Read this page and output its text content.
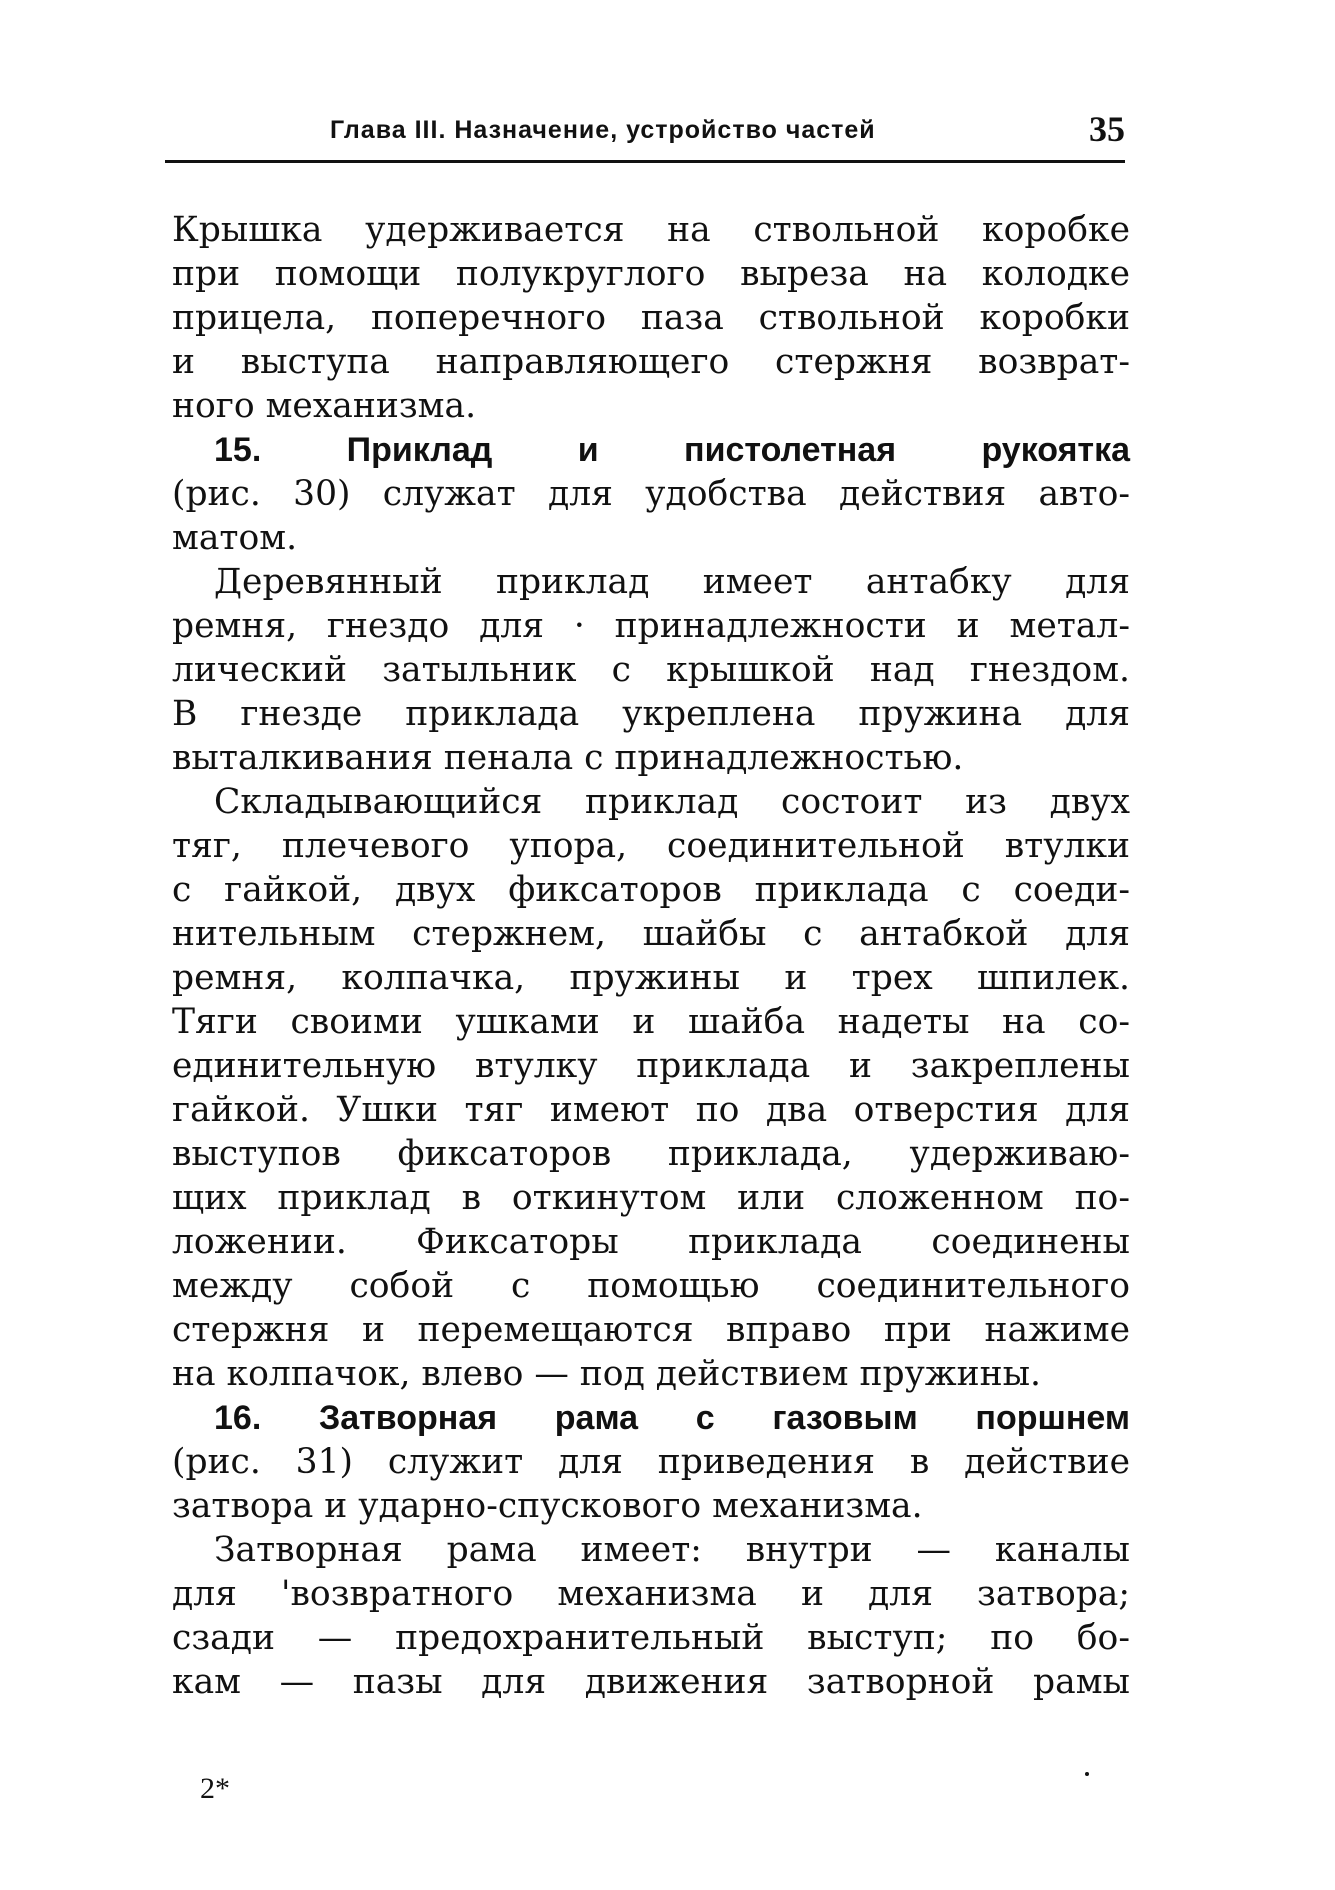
Глава III. Назначение, устройство частей	35
Крышка удерживается на ствольной коробке
при помощи полукруглого выреза на колодке
прицела, поперечного паза ствольной коробки
и выступа направляющего стержня возврат-
ного механизма.
15. Приклад и пистолетная рукоятка
(рис. 30) служат для удобства действия авто-
матом.
Деревянный приклад имеет антабку для
ремня, гнездо для · принадлежности и метал-
лический затыльник с крышкой над гнездом.
В гнезде приклада укреплена пружина для
выталкивания пенала с принадлежностью.
Складывающийся приклад состоит из двух
тяг, плечевого упора, соединительной втулки
с гайкой, двух фиксаторов приклада с соеди-
нительным стержнем, шайбы с антабкой для
ремня, колпачка, пружины и трех шпилек.
Тяги своими ушками и шайба надеты на со-
единительную втулку приклада и закреплены
гайкой. Ушки тяг имеют по два отверстия для
выступов фиксаторов приклада, удерживаю-
щих приклад в откинутом или сложенном по-
ложении. Фиксаторы приклада соединены
между собой с помощью соединительного
стержня и перемещаются вправо при нажиме
на колпачок, влево — под действием пружины.
16. Затворная рама с газовым поршнем
(рис. 31) служит для приведения в действие
затвора и ударно-спускового механизма.
Затворная рама имеет: внутри — каналы
для 'возвратного механизма и для затвора;
сзади — предохранительный выступ; по бо-
кам — пазы для движения затворной рамы
2*
